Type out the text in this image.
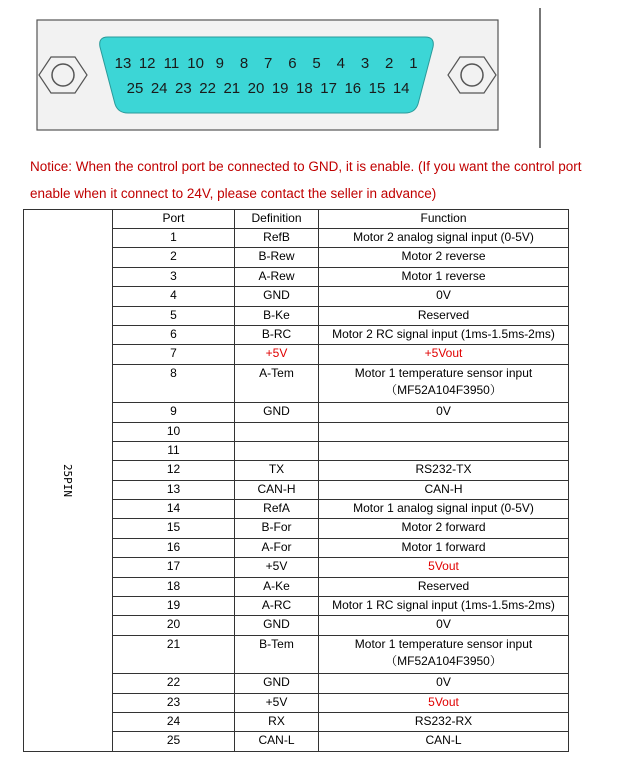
13 12 11 10 9 8 7 6 5 4 3 2 1
25 24 23 22 21 20 19 18 17 16 15 14
Notice: When the control port be connected to GND, it is enable. (If you want the control port
enable when it connect to 24V, please contact the seller in advance)
25PIN	Port	Definition	Function
	1	RefB	Motor 2 analog signal input (0-5V)
	2	B-Rew	Motor 2 reverse
	3	A-Rew	Motor 1 reverse
	4	GND	0V
	5	B-Ke	Reserved
	6	B-RC	Motor 2 RC signal input (1ms-1.5ms-2ms)
	7	+5V	+5Vout
	8	A-Tem	Motor 1 temperature sensor input
（MF52A104F3950）

	9	GND	0V
	10		
	11		
	12	TX	RS232-TX
	13	CAN-H	CAN-H
	14	RefA	Motor 1 analog signal input (0-5V)
	15	B-For	Motor 2 forward
	16	A-For	Motor 1 forward
	17	+5V	5Vout
	18	A-Ke	Reserved
	19	A-RC	Motor 1 RC signal input (1ms-1.5ms-2ms)
	20	GND	0V
	21	B-Tem	Motor 1 temperature sensor input
（MF52A104F3950）

	22	GND	0V
	23	+5V	5Vout
	24	RX	RS232-RX
	25	CAN-L	CAN-L
